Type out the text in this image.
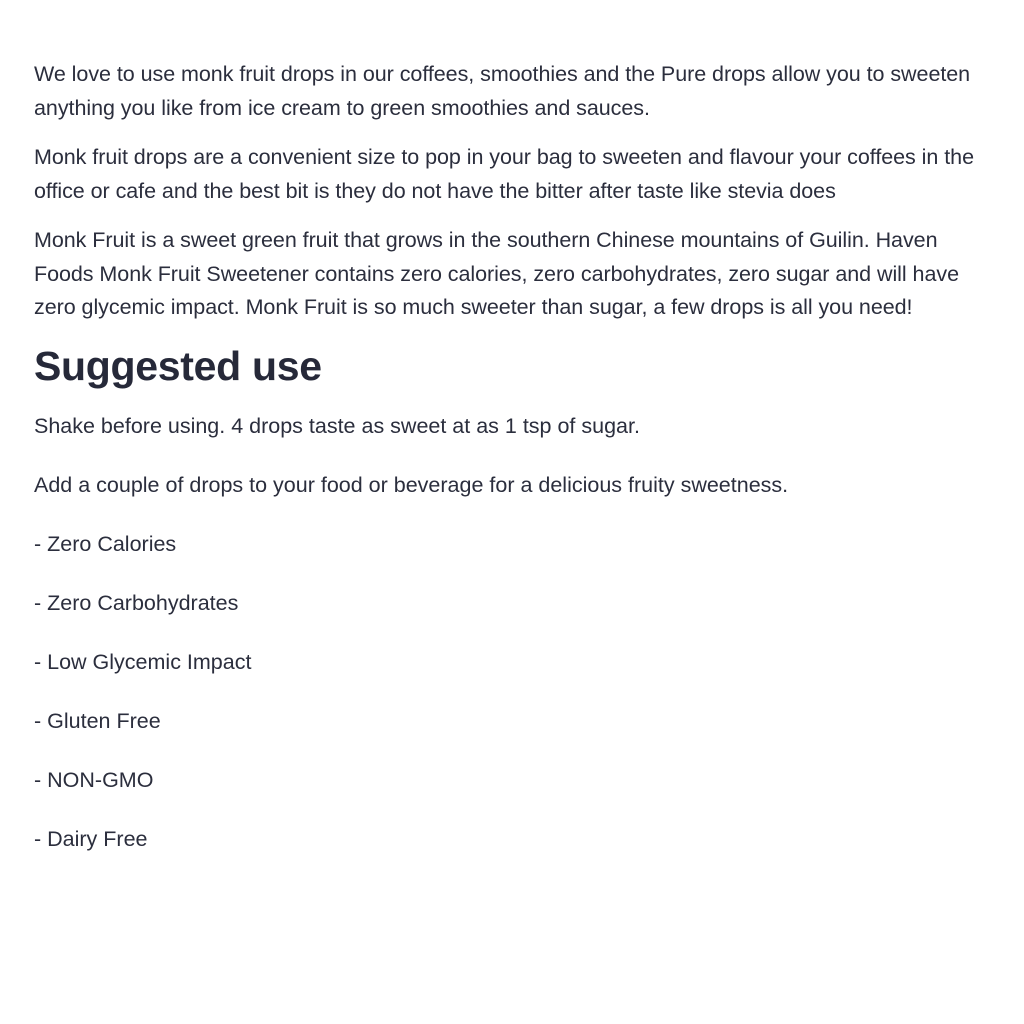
We love to use monk fruit drops in our coffees, smoothies and the Pure drops allow you to sweeten anything you like from ice cream to green smoothies and sauces.

Monk fruit drops are a convenient size to pop in your bag to sweeten and flavour your coffees in the office or cafe and the best bit is they do not have the bitter after taste like stevia does

Monk Fruit is a sweet green fruit that grows in the southern Chinese mountains of Guilin. Haven Foods Monk Fruit Sweetener contains zero calories, zero carbohydrates, zero sugar and will have zero glycemic impact. Monk Fruit is so much sweeter than sugar, a few drops is all you need!

Suggested use

Shake before using. 4 drops taste as sweet at as 1 tsp of sugar.

Add a couple of drops to your food or beverage for a delicious fruity sweetness.

- Zero Calories
- Zero Carbohydrates
- Low Glycemic Impact
- Gluten Free
- NON-GMO
- Dairy Free
